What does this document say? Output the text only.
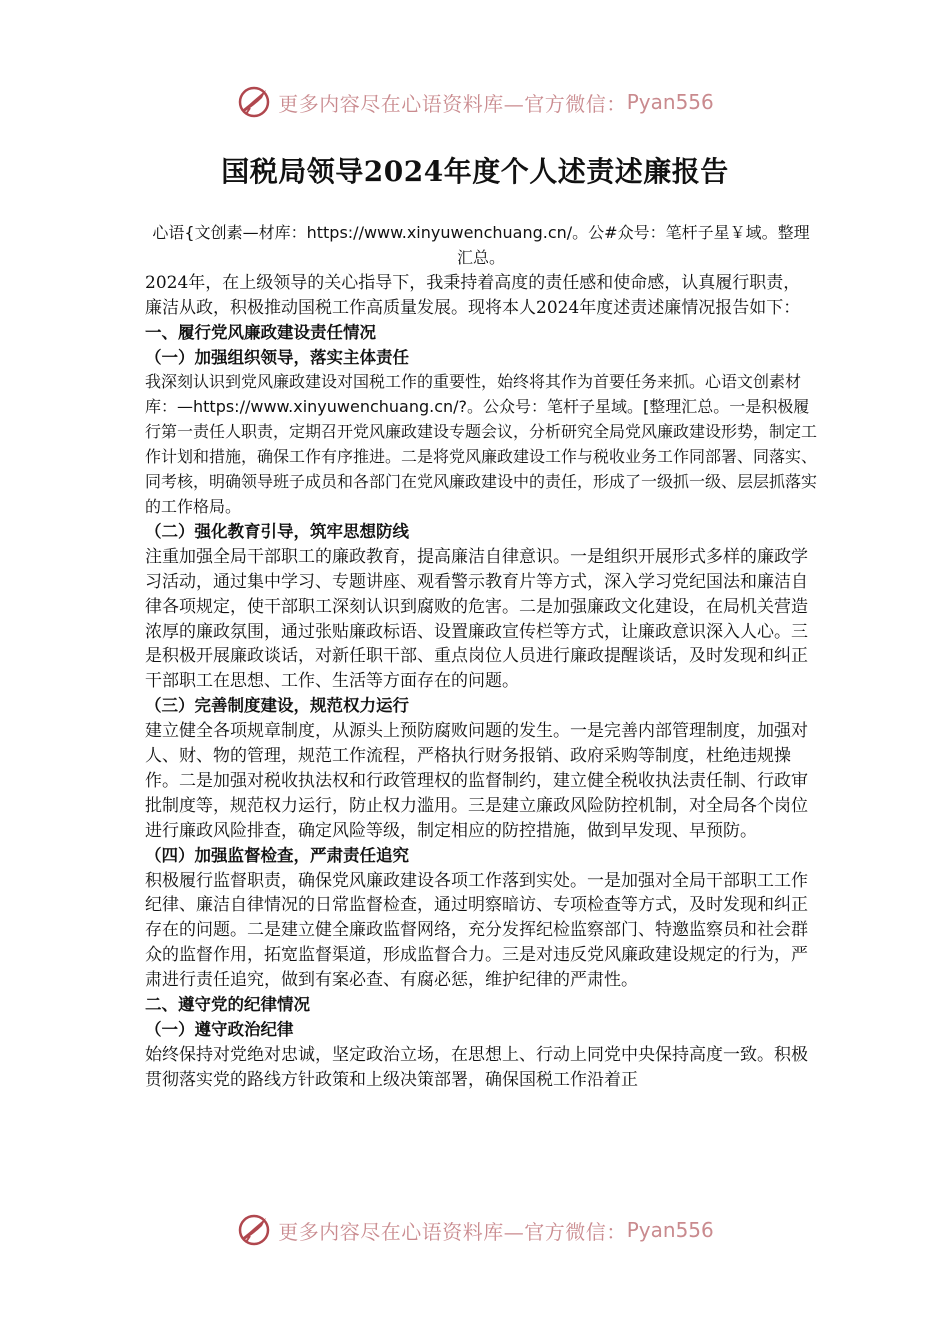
更多内容尽在心语资料库—官方微信： Pyan556
国税局领导2024年度个人述责述廉报告

心语{文创素—材库：https://www.xinyuwenchuang.cn/。公#众号：笔杆子星￥域。整理汇总。

2024年，在上级领导的关心指导下，我秉持着高度的责任感和使命感，认真履行职责，廉洁从政，积极推动国税工作高质量发展。现将本人2024年度述责述廉情况报告如下：

一、履行党风廉政建设责任情况

（一）加强组织领导，落实主体责任

我深刻认识到党风廉政建设对国税工作的重要性，始终将其作为首要任务来抓。心语文创素材库：—https://www.xinyuwenchuang.cn/?。公众号：笔杆子星域。[整理汇总。一是积极履行第一责任人职责，定期召开党风廉政建设专题会议，分析研究全局党风廉政建设形势，制定工作计划和措施，确保工作有序推进。二是将党风廉政建设工作与税收业务工作同部署、同落实、同考核，明确领导班子成员和各部门在党风廉政建设中的责任，形成了一级抓一级、层层抓落实的工作格局。

（二）强化教育引导，筑牢思想防线

注重加强全局干部职工的廉政教育，提高廉洁自律意识。一是组织开展形式多样的廉政学习活动，通过集中学习、专题讲座、观看警示教育片等方式，深入学习党纪国法和廉洁自律各项规定，使干部职工深刻认识到腐败的危害。二是加强廉政文化建设，在局机关营造浓厚的廉政氛围，通过张贴廉政标语、设置廉政宣传栏等方式，让廉政意识深入人心。三是积极开展廉政谈话，对新任职干部、重点岗位人员进行廉政提醒谈话，及时发现和纠正干部职工在思想、工作、生活等方面存在的问题。

（三）完善制度建设，规范权力运行

建立健全各项规章制度，从源头上预防腐败问题的发生。一是完善内部管理制度，加强对人、财、物的管理，规范工作流程，严格执行财务报销、政府采购等制度，杜绝违规操作。二是加强对税收执法权和行政管理权的监督制约，建立健全税收执法责任制、行政审批制度等，规范权力运行，防止权力滥用。三是建立廉政风险防控机制，对全局各个岗位进行廉政风险排查，确定风险等级，制定相应的防控措施，做到早发现、早预防。

（四）加强监督检查，严肃责任追究

积极履行监督职责，确保党风廉政建设各项工作落到实处。一是加强对全局干部职工工作纪律、廉洁自律情况的日常监督检查，通过明察暗访、专项检查等方式，及时发现和纠正存在的问题。二是建立健全廉政监督网络，充分发挥纪检监察部门、特邀监察员和社会群众的监督作用，拓宽监督渠道，形成监督合力。三是对违反党风廉政建设规定的行为，严肃进行责任追究，做到有案必查、有腐必惩，维护纪律的严肃性。

二、遵守党的纪律情况

（一）遵守政治纪律

始终保持对党绝对忠诚，坚定政治立场，在思想上、行动上同党中央保持高度一致。积极贯彻落实党的路线方针政策和上级决策部署，确保国税工作沿着正

更多内容尽在心语资料库—官方微信： Pyan556
